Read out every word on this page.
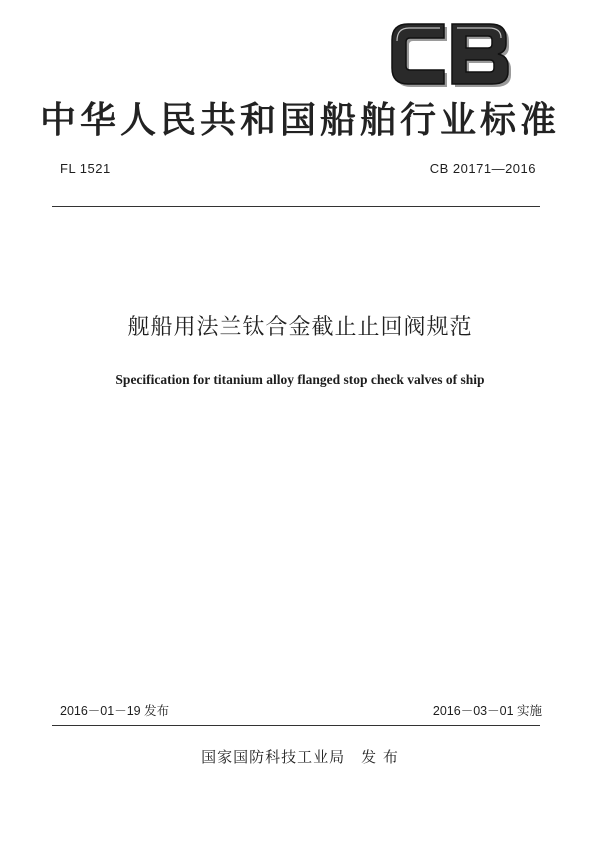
中华人民共和国船舶行业标准
FL 1521	CB 20171—2016
舰船用法兰钛合金截止止回阀规范
Specification for titanium alloy flanged stop check valves of ship
2016－01－19 发布	2016－03－01 实施
国家国防科技工业局　发 布
